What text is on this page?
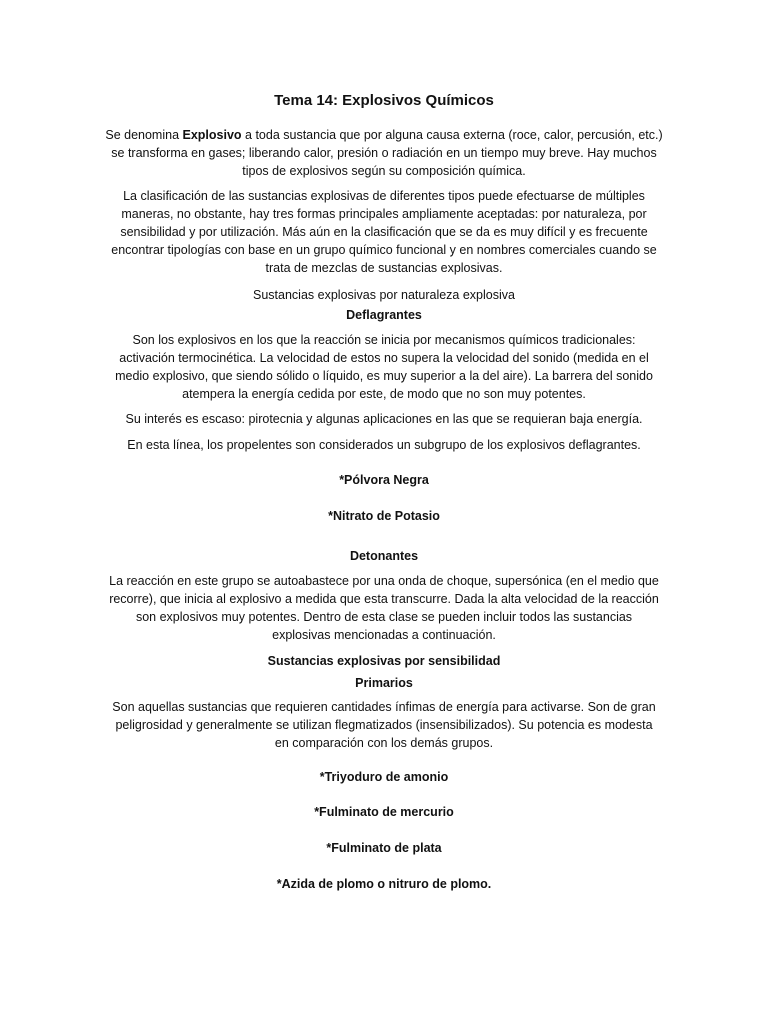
Tema 14: Explosivos Químicos

Se denomina Explosivo a toda sustancia que por alguna causa externa (roce, calor, percusión, etc.)

se transforma en gases; liberando calor, presión o radiación en un tiempo muy breve. Hay muchos

tipos de explosivos según su composición química.

La clasificación de las sustancias explosivas de diferentes tipos puede efectuarse de múltiples

maneras, no obstante, hay tres formas principales ampliamente aceptadas: por naturaleza, por

sensibilidad y por utilización. Más aún en la clasificación que se da es muy difícil y es frecuente

encontrar tipologías con base en un grupo químico funcional y en nombres comerciales cuando se

trata de mezclas de sustancias explosivas.

Sustancias explosivas por naturaleza explosiva

Deflagrantes

Son los explosivos en los que la reacción se inicia por mecanismos químicos tradicionales:

activación termocinética. La velocidad de estos no supera la velocidad del sonido (medida en el

medio explosivo, que siendo sólido o líquido, es muy superior a la del aire). La barrera del sonido

atempera la energía cedida por este, de modo que no son muy potentes.

Su interés es escaso: pirotecnia y algunas aplicaciones en las que se requieran baja energía.

En esta línea, los propelentes son considerados un subgrupo de los explosivos deflagrantes.

*Pólvora Negra

*Nitrato de Potasio

Detonantes

La reacción en este grupo se autoabastece por una onda de choque, supersónica (en el medio que

recorre), que inicia al explosivo a medida que esta transcurre. Dada la alta velocidad de la reacción

son explosivos muy potentes. Dentro de esta clase se pueden incluir todos las sustancias

explosivas mencionadas a continuación.

Sustancias explosivas por sensibilidad

Primarios

Son aquellas sustancias que requieren cantidades ínfimas de energía para activarse. Son de gran

peligrosidad y generalmente se utilizan flegmatizados (insensibilizados). Su potencia es modesta

en comparación con los demás grupos.

*Triyoduro de amonio

*Fulminato de mercurio

*Fulminato de plata

*Azida de plomo o nitruro de plomo.
